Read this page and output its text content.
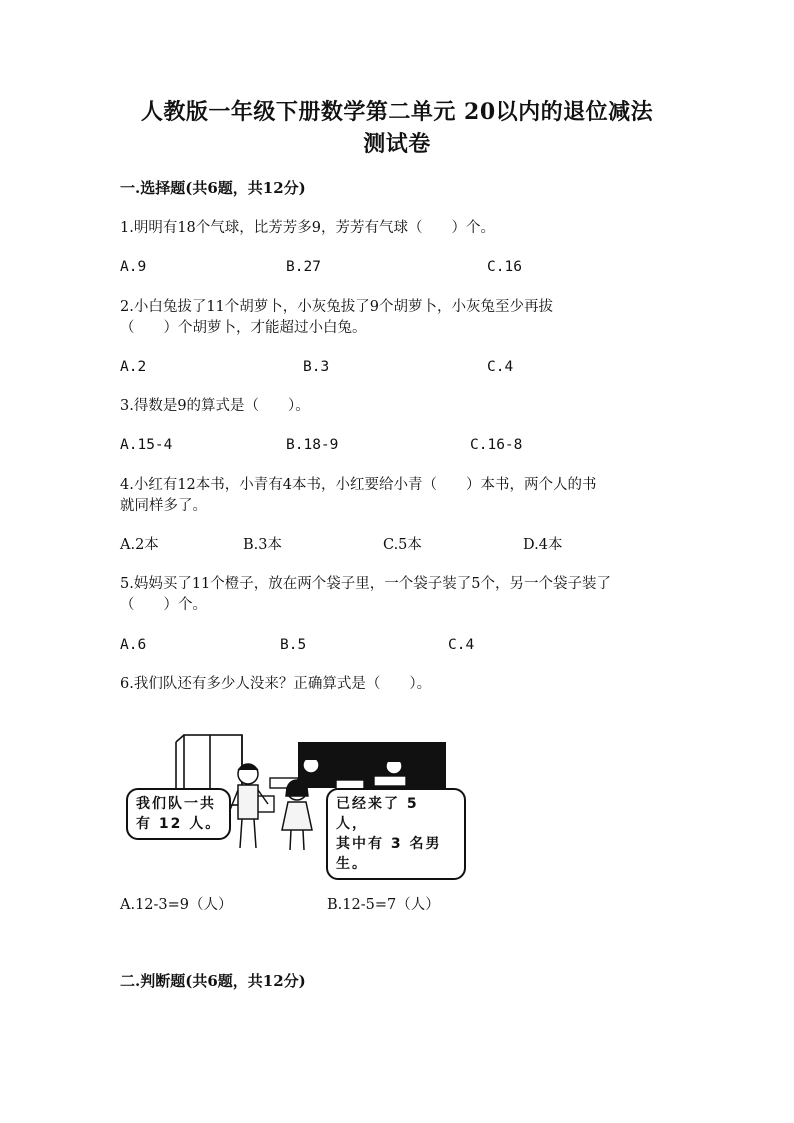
人教版一年级下册数学第二单元 20以内的退位减法
测试卷
一.选择题(共6题，共12分)
1.明明有18个气球，比芳芳多9，芳芳有气球（　　）个。
A.9	B.27	C.16
2.小白兔拔了11个胡萝卜，小灰兔拔了9个胡萝卜，小灰兔至少再拔
（　　）个胡萝卜，才能超过小白兔。
A.2	B.3	C.4
3.得数是9的算式是（　　）。
A.15-4	B.18-9	C.16-8
4.小红有12本书，小青有4本书，小红要给小青（　　）本书，两个人的书
就同样多了。
A.2本	B.3本	C.5本	D.4本
5.妈妈买了11个橙子，放在两个袋子里，一个袋子装了5个，另一个袋子装了
（　　）个。
A.6	B.5	C.4
6.我们队还有多少人没来？正确算式是（　　）。
我们队一共
有 12 人。
已经来了 5 人，
其中有 3 名男生。
A.12-3=9（人）	B.12-5=7（人）
二.判断题(共6题，共12分)
